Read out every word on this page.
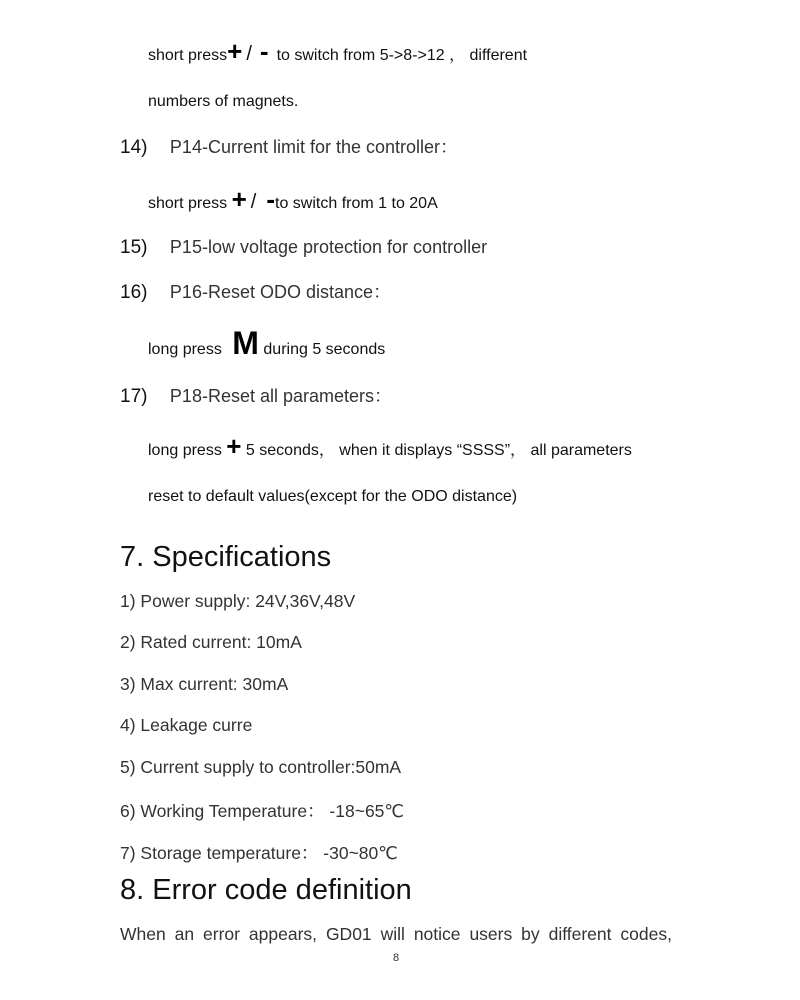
short press+ / - to switch from 5->8->12 ， different
numbers of magnets.
14) P14-Current limit for the controller：
short press + / -to switch from 1 to 20A
15) P15-low voltage protection for controller
16) P16-Reset ODO distance：
long press M during 5 seconds
17) P18-Reset all parameters：
long press + 5 seconds， when it displays “SSSS”， all parameters
reset to default values(except for the ODO distance)
7. Specifications
1) Power supply: 24V,36V,48V
2) Rated current: 10mA
3) Max current: 30mA
4) Leakage curre
5) Current supply to controller:50mA
6) Working Temperature： -18~65℃
7) Storage temperature： -30~80℃
8. Error code definition
When an error appears, GD01 will notice users by different codes,
8
